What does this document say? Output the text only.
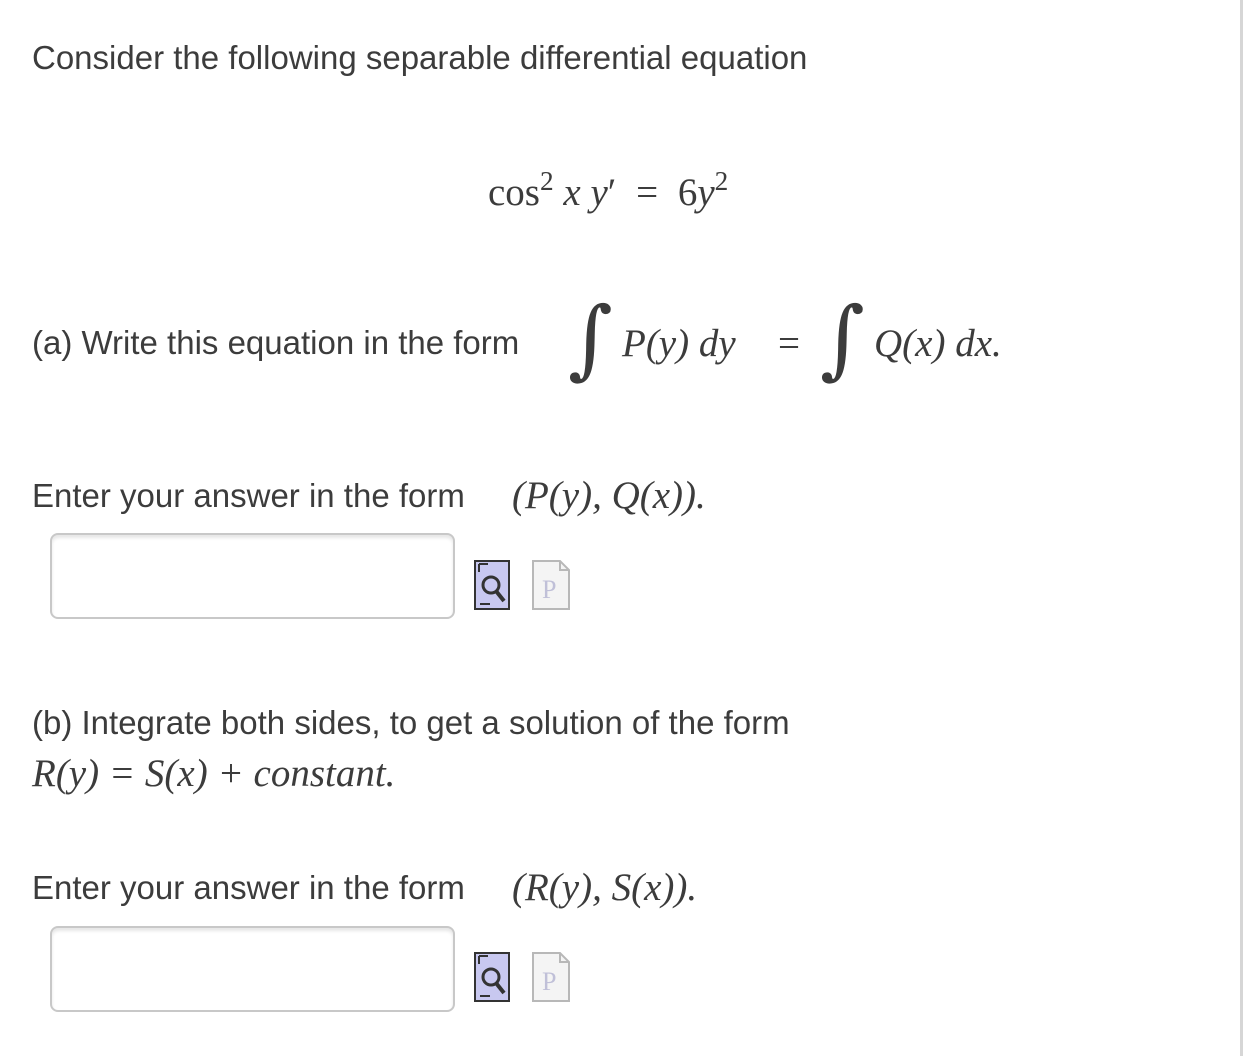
Consider the following separable differential equation
$\cos^2 x$ $y' = 6y^2$
(a) Write this equation in the form ∫ P(y) dy = ∫ Q(x) dx.
Enter your answer in the form (P(y), Q(x)).
P
(b) Integrate both sides, to get a solution of the form
R(y) = S(x) + constant.
Enter your answer in the form (R(y), S(x)).
P
